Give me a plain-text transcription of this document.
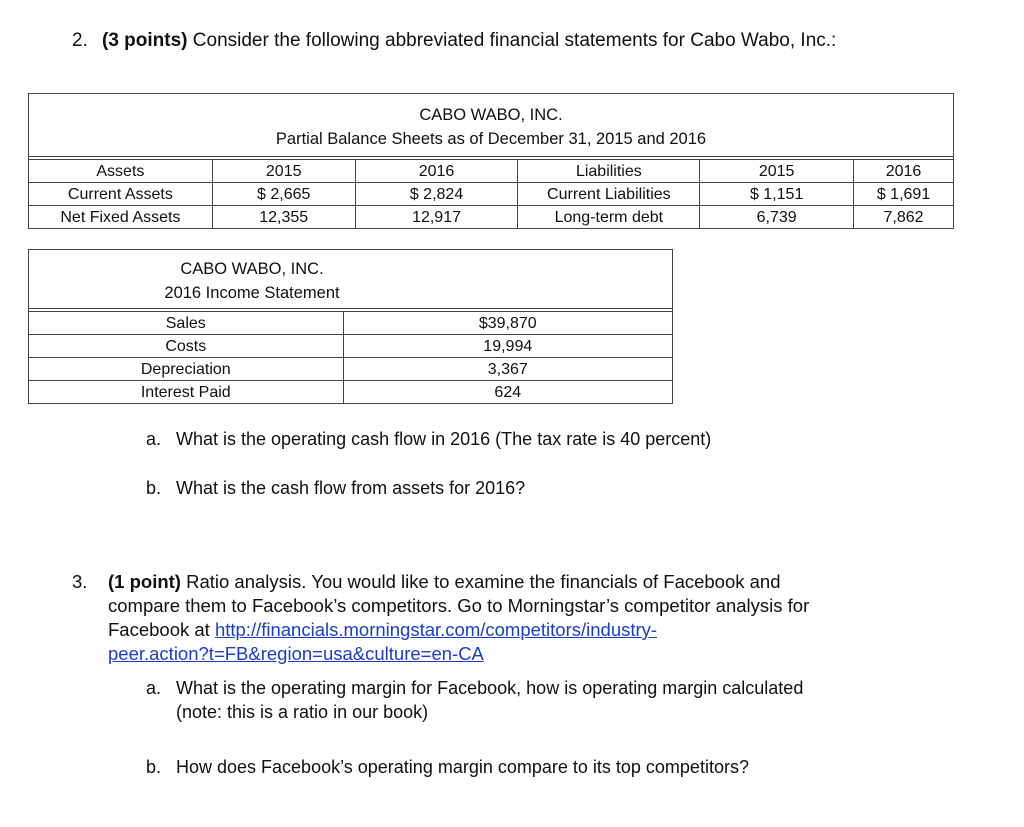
2. (3 points) Consider the following abbreviated financial statements for Cabo Wabo, Inc.:
CABO WABO, INC.
Partial Balance Sheets as of December 31, 2015 and 2016					

Assets	2015	2016	Liabilities	2015	2016
Current Assets	$ 2,665	$ 2,824	Current Liabilities	$ 1,151	$ 1,691
Net Fixed Assets	12,355	12,917	Long-term debt	6,739	7,862
CABO WABO, INC.
2016 Income Statement	

Sales	$39,870
Costs	19,994
Depreciation	3,367
Interest Paid	624
a. What is the operating cash flow in 2016 (The tax rate is 40 percent)
b. What is the cash flow from assets for 2016?
3. (1 point) Ratio analysis. You would like to examine the financials of Facebook and
compare them to Facebook’s competitors. Go to Morningstar’s competitor analysis for
Facebook at http://financials.morningstar.com/competitors/industry-
peer.action?t=FB&region=usa&culture=en-CA
a. What is the operating margin for Facebook, how is operating margin calculated
(note: this is a ratio in our book)
b. How does Facebook’s operating margin compare to its top competitors?
